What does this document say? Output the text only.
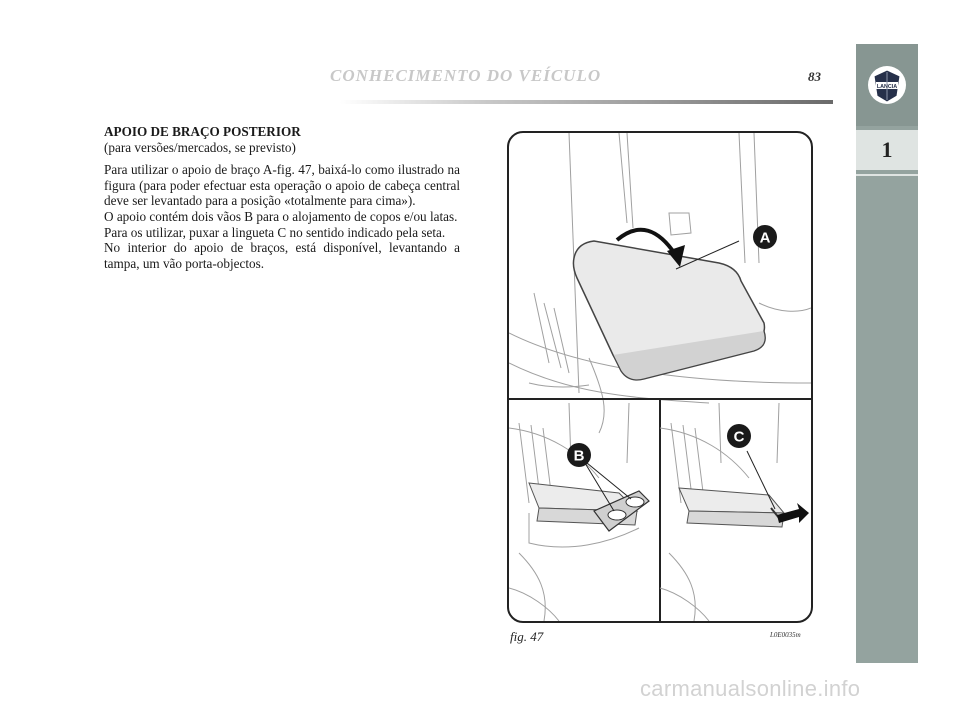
CONHECIMENTO DO VEÍCULO	83
LANCIA
1

APOIO DE BRAÇO POSTERIOR

(para versões/mercados, se previsto)

Para utilizar o apoio de braço A-fig. 47, baixá-lo como ilustrado na figura (para poder efectuar esta operação o apoio de cabeça central deve ser levantado para a posição «totalmente para cima»).

O apoio contém dois vãos B para o alojamento de copos e/ou latas.

Para os utilizar, puxar a lingueta C no sentido indicado pela seta.

No interior do apoio de braços, está disponível, levantando a tampa, um vão porta-objectos.

A
B
C
fig. 47	L0E0035m
carmanualsonline.info
